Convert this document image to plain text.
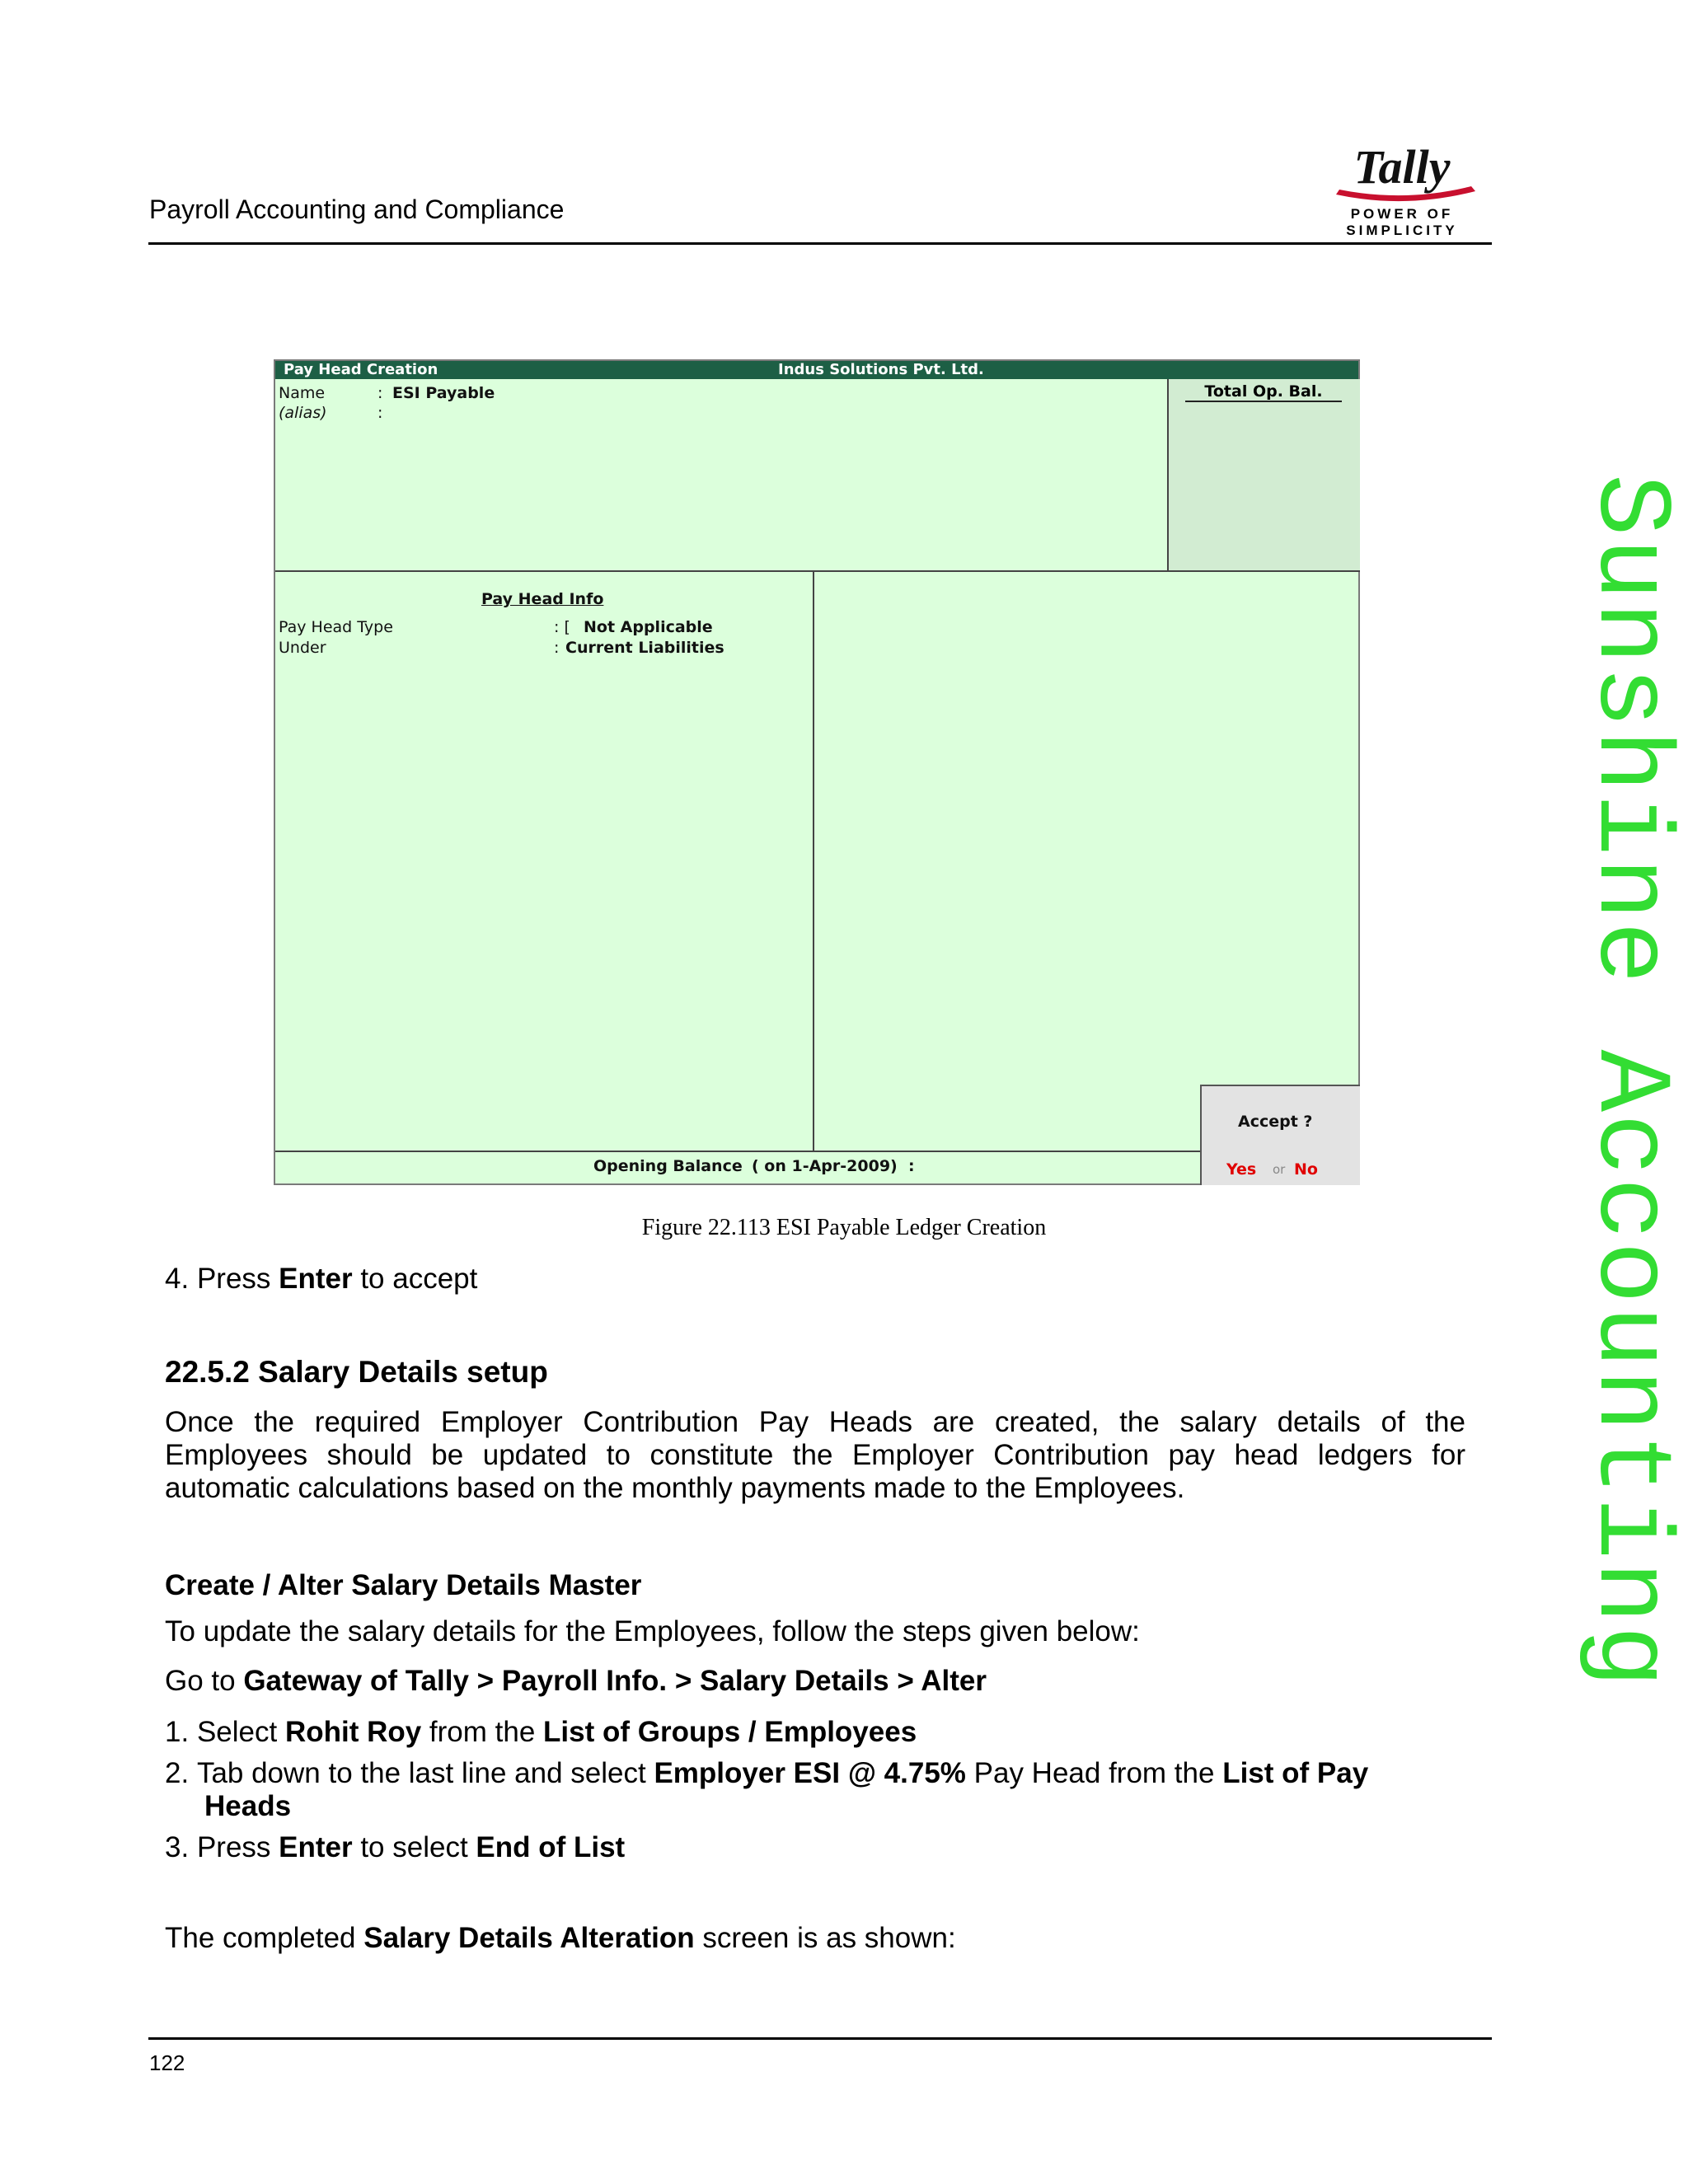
Payroll Accounting and Compliance
Tally
POWER OF SIMPLICITY
Sunshine Accounting
Pay Head Creation	Indus Solutions Pvt. Ltd.
Name	: ESI Payable
(alias)	:
Total Op. Bal.
Pay Head Info
Pay Head Type	: [ Not Applicable
Under	: Current Liabilities
Opening Balance ( on 1-Apr-2009)  :
Accept ?
Yes or No
Figure 22.113 ESI Payable Ledger Creation
4. Press Enter to accept
22.5.2 Salary Details setup
Once the required Employer Contribution Pay Heads are created, the salary details of the
Employees should be updated to constitute the Employer Contribution pay head ledgers for
automatic calculations based on the monthly payments made to the Employees.
Create / Alter Salary Details Master
To update the salary details for the Employees, follow the steps given below:
Go to Gateway of Tally > Payroll Info. > Salary Details > Alter
1. Select Rohit Roy from the List of Groups / Employees
2. Tab down to the last line and select Employer ESI @ 4.75% Pay Head from the List of Pay
Heads
3. Press Enter to select End of List
The completed Salary Details Alteration screen is as shown:
122
